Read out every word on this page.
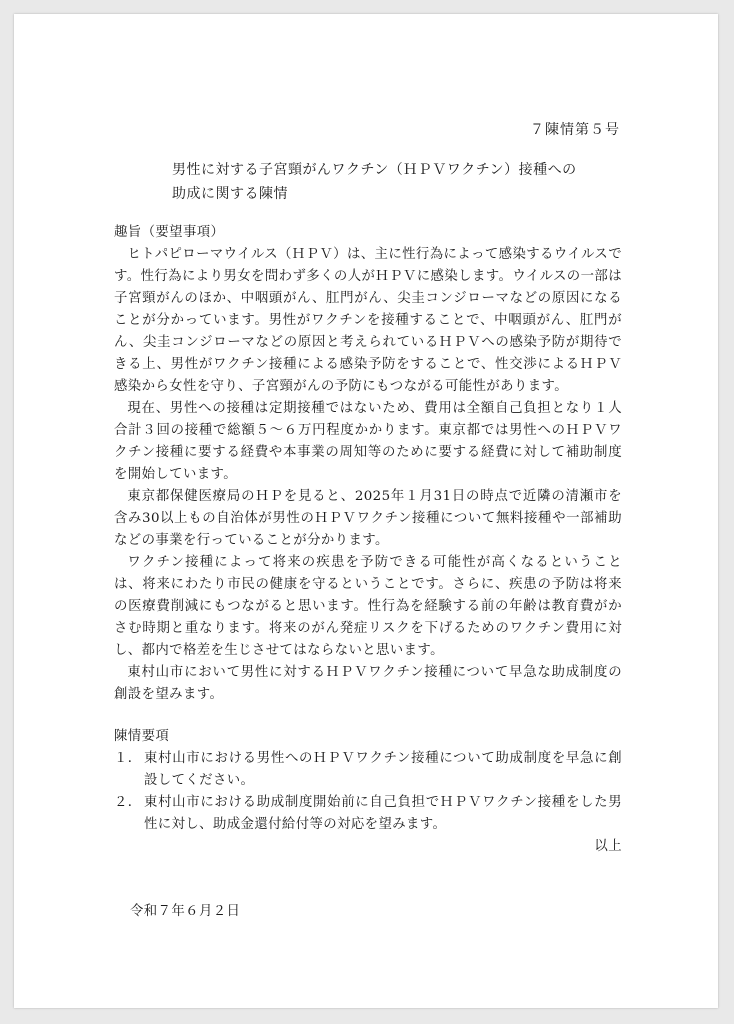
７陳情第５号
男性に対する子宮頸がんワクチン（ＨＰＶワクチン）接種への
助成に関する陳情

趣旨（要望事項）

ヒトパピローマウイルス（ＨＰＶ）は、主に性行為によって感染するウイルスです。性行為により男女を問わず多くの人がＨＰＶに感染します。ウイルスの一部は子宮頸がんのほか、中咽頭がん、肛門がん、尖圭コンジローマなどの原因になることが分かっています。男性がワクチンを接種することで、中咽頭がん、肛門がん、尖圭コンジローマなどの原因と考えられているＨＰＶへの感染予防が期待できる上、男性がワクチン接種による感染予防をすることで、性交渉によるＨＰＶ感染から女性を守り、子宮頸がんの予防にもつながる可能性があります。

現在、男性への接種は定期接種ではないため、費用は全額自己負担となり１人合計３回の接種で総額５～６万円程度かかります。東京都では男性へのＨＰＶワクチン接種に要する経費や本事業の周知等のために要する経費に対して補助制度を開始しています。

東京都保健医療局のＨＰを見ると、2025年１月31日の時点で近隣の清瀬市を含み30以上もの自治体が男性のＨＰＶワクチン接種について無料接種や一部補助などの事業を行っていることが分かります。

ワクチン接種によって将来の疾患を予防できる可能性が高くなるということは、将来にわたり市民の健康を守るということです。さらに、疾患の予防は将来の医療費削減にもつながると思います。性行為を経験する前の年齢は教育費がかさむ時期と重なります。将来のがん発症リスクを下げるためのワクチン費用に対し、都内で格差を生じさせてはならないと思います。

東村山市において男性に対するＨＰＶワクチン接種について早急な助成制度の創設を望みます。

陳情要項

１． 東村山市における男性へのＨＰＶワクチン接種について助成制度を早急に創設してください。
２． 東村山市における助成制度開始前に自己負担でＨＰＶワクチン接種をした男性に対し、助成金還付給付等の対応を望みます。

以上

令和７年６月２日
